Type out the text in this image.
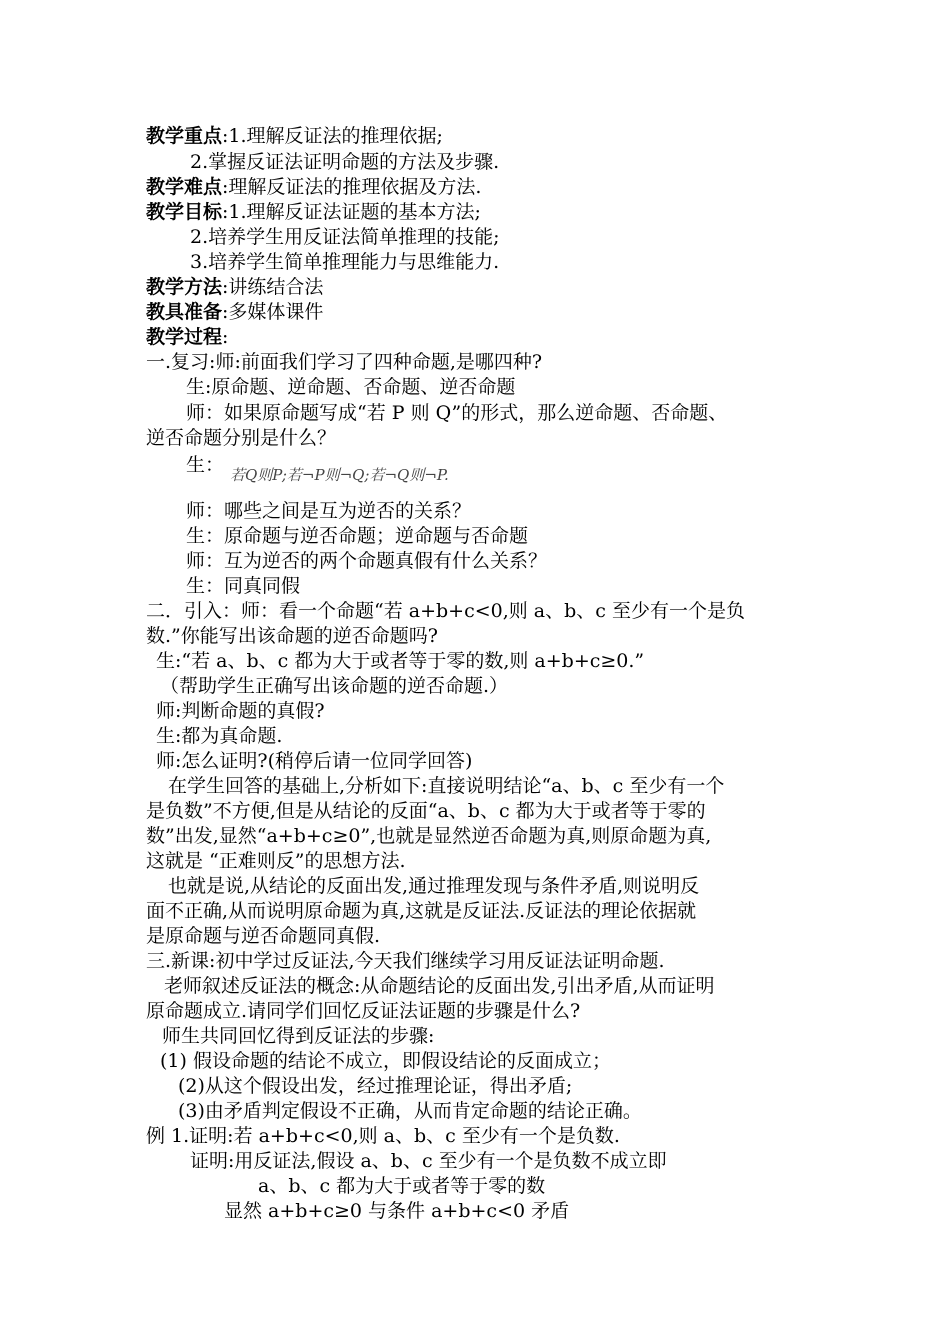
教学重点:1.理解反证法的推理依据;
2.掌握反证法证明命题的方法及步骤.
教学难点:理解反证法的推理依据及方法.
教学目标:1.理解反证法证题的基本方法;
2.培养学生用反证法简单推理的技能;
3.培养学生简单推理能力与思维能力.
教学方法:讲练结合法
教具准备:多媒体课件
教学过程:
一.复习:师:前面我们学习了四种命题,是哪四种?
生:原命题、逆命题、否命题、逆否命题
师：如果原命题写成“若 P 则 Q”的形式，那么逆命题、否命题、
逆否命题分别是什么？
生： 若Q则P;若¬P则¬Q;若¬Q则¬P.
师：哪些之间是互为逆否的关系？
生：原命题与逆否命题；逆命题与否命题
师：互为逆否的两个命题真假有什么关系？
生：同真同假
二．引入：师：看一个命题“若 a+b+c<0,则 a、b、c 至少有一个是负
数.”你能写出该命题的逆否命题吗?
生:“若 a、b、c 都为大于或者等于零的数,则 a+b+c≥0.”
（帮助学生正确写出该命题的逆否命题.）
师:判断命题的真假?
生:都为真命题.
师:怎么证明?(稍停后请一位同学回答)
在学生回答的基础上,分析如下:直接说明结论“a、b、c 至少有一个
是负数”不方便,但是从结论的反面“a、b、c 都为大于或者等于零的
数”出发,显然“a+b+c≥0”,也就是显然逆否命题为真,则原命题为真,
这就是 “正难则反”的思想方法.
也就是说,从结论的反面出发,通过推理发现与条件矛盾,则说明反
面不正确,从而说明原命题为真,这就是反证法.反证法的理论依据就
是原命题与逆否命题同真假.
三.新课:初中学过反证法,今天我们继续学习用反证法证明命题.
老师叙述反证法的概念:从命题结论的反面出发,引出矛盾,从而证明
原命题成立.请同学们回忆反证法证题的步骤是什么?
师生共同回忆得到反证法的步骤:
(1) 假设命题的结论不成立，即假设结论的反面成立；
(2)从这个假设出发，经过推理论证，得出矛盾;
(3)由矛盾判定假设不正确，从而肯定命题的结论正确。
例 1.证明:若 a+b+c<0,则 a、b、c 至少有一个是负数.
证明:用反证法,假设 a、b、c 至少有一个是负数不成立即
a、b、c 都为大于或者等于零的数
显然 a+b+c≥0 与条件 a+b+c<0 矛盾
